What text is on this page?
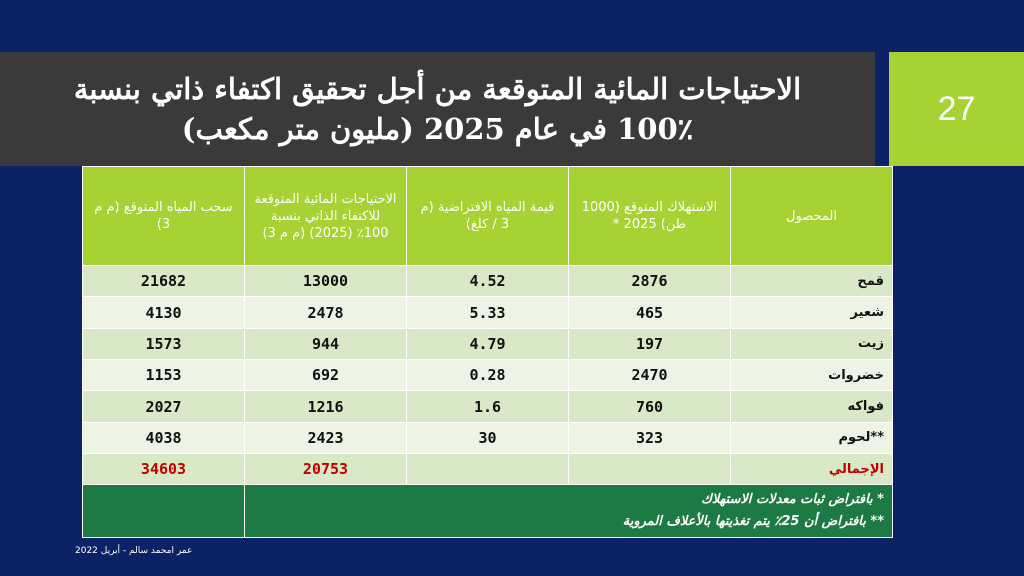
الاحتياجات المائية المتوقعة من أجل تحقيق اكتفاء ذاتي بنسبة
100٪ في عام 2025 (مليون متر مكعب)
27
المحصول	الاستهلاك المتوقع (1000 طن) 2025 *	قيمة المياه الافتراضية (م 3 / كلغ)	الاحتياجات المائية المتوقعة للاكتفاء الذاتي بنسبة 100٪ (2025) (م م 3)	سحب المياه المتوقع (م م 3)
قمح	2876	4.52	13000	21682
شعير	465	5.33	2478	4130
زيت	197	4.79	944	1573
خضروات	2470	0.28	692	1153
فواكه	760	1.6	1216	2027
**لحوم	323	30	2423	4038
الإجمالي			20753	34603

* بافتراض ثبات معدلات الاستهلاك
** بافتراض أن 25٪ يتم تغذيتها بالأعلاف المروية				

عمر امحمد سالم - أبريل 2022
